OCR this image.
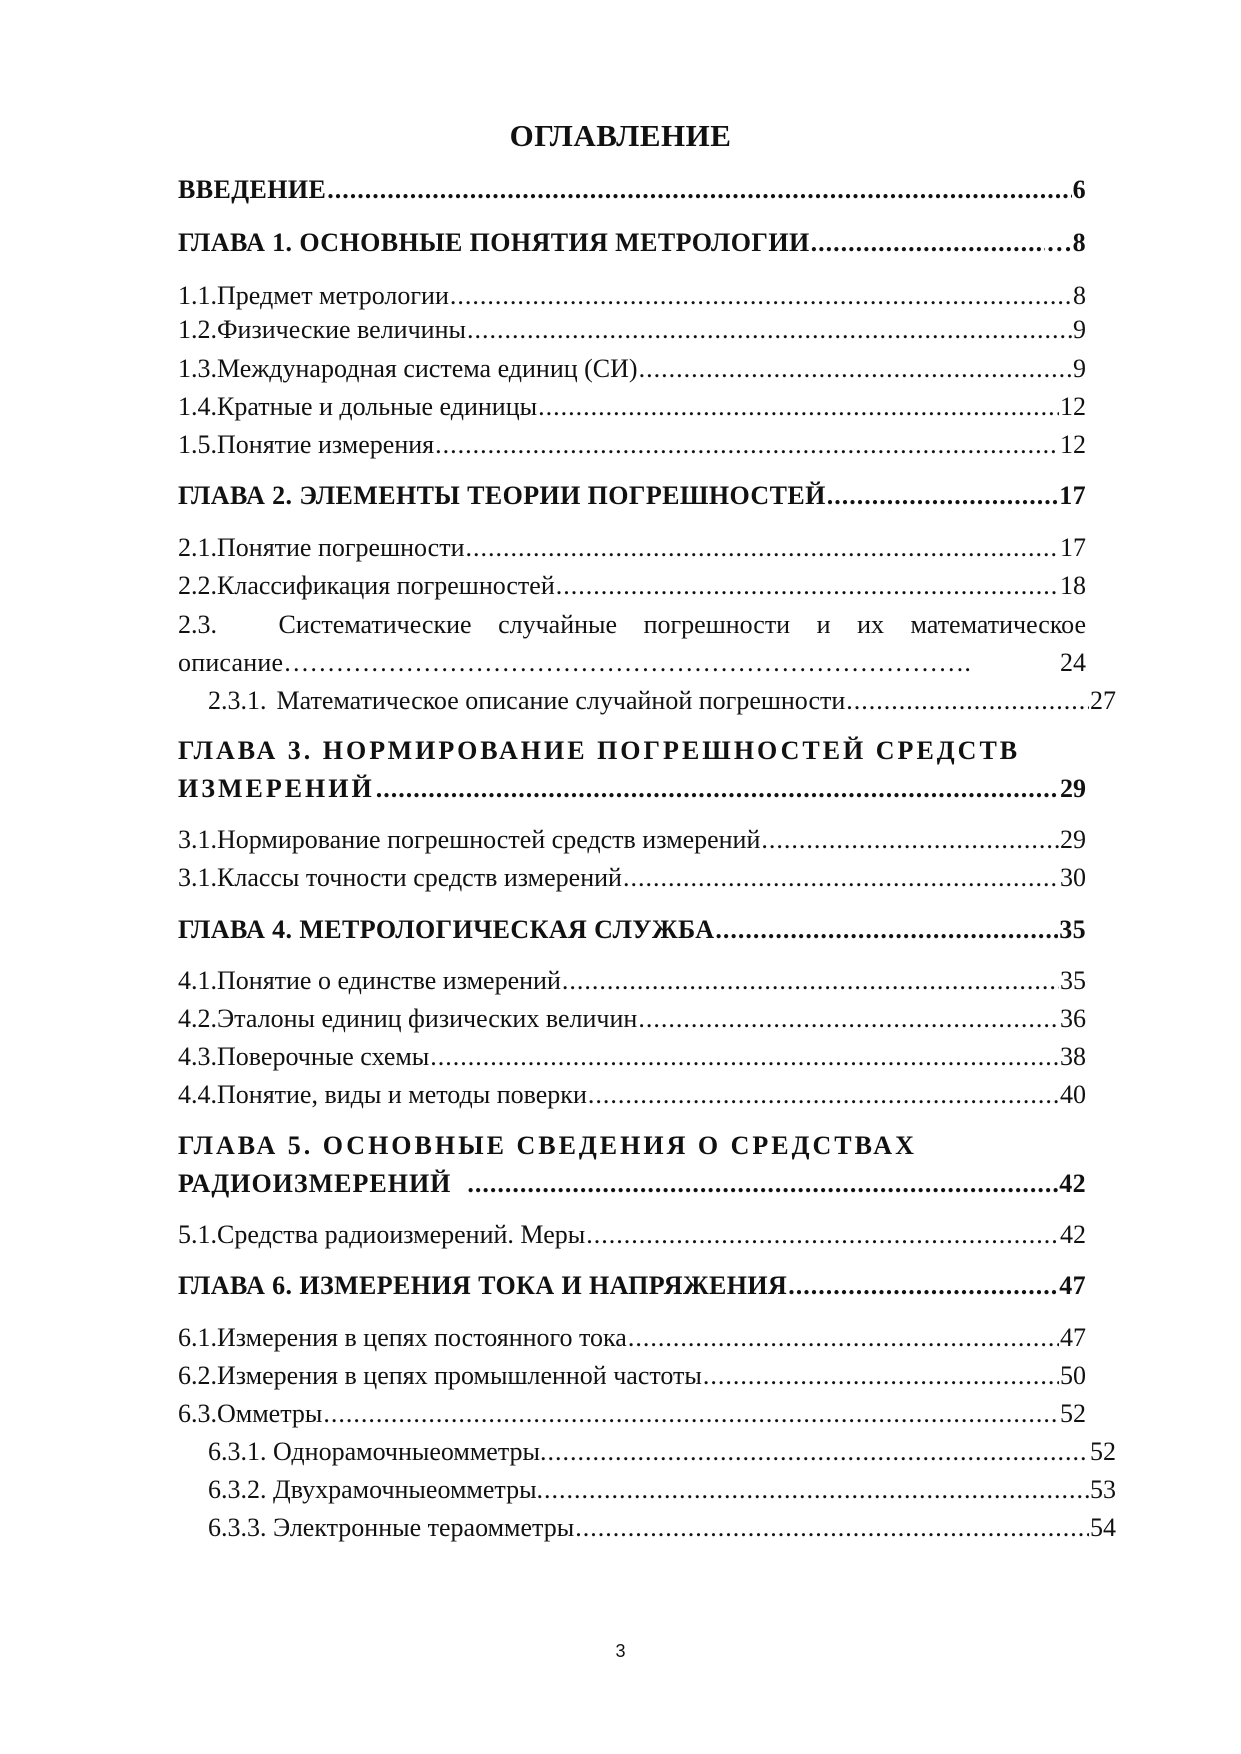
ОГЛАВЛЕНИЕ
ВВЕДЕНИЕ .....	6
ГЛАВА 1. ОСНОВНЫЕ ПОНЯТИЯ МЕТРОЛОГИИ .....	…8
1.1. Предмет метрологии .....	8
1.2. Физические величины .....	9
1.3. Международная система единиц (СИ) .....	9
1.4. Кратные и дольные единицы .....	12
1.5. Понятие измерения .....	12
ГЛАВА 2. ЭЛЕМЕНТЫ ТЕОРИИ ПОГРЕШНОСТЕЙ .....	17
2.1. Понятие погрешности .....	17
2.2. Классификация погрешностей .....	18
2.3.	Систематические случайные погрешности и их математическое
описание…………………………………………………………………….	24
2.3.1. Математическое описание случайной погрешности .....	27
ГЛАВА 3. НОРМИРОВАНИЕ ПОГРЕШНОСТЕЙ СРЕДСТВ
ИЗМЕРЕНИЙ .....	29
3.1. Нормирование погрешностей средств измерений .....	29
3.1. Классы точности средств измерений .....	30
ГЛАВА 4. МЕТРОЛОГИЧЕСКАЯ СЛУЖБА .....	35
4.1. Понятие о единстве измерений .....	35
4.2. Эталоны единиц физических величин .....	36
4.3. Поверочные схемы .....	38
4.4. Понятие, виды и методы поверки .....	40
ГЛАВА 5. ОСНОВНЫЕ СВЕДЕНИЯ О СРЕДСТВАХ
РАДИОИЗМЕРЕНИЙ .....	42
5.1. Средства радиоизмерений. Меры .....	42
ГЛАВА 6. ИЗМЕРЕНИЯ ТОКА И НАПРЯЖЕНИЯ .....	47
6.1. Измерения в цепях постоянного тока .....	47
6.2. Измерения в цепях промышленной частоты .....	50
6.3. Омметры .....	52
6.3.1. Однорамочныеомметры. .....	52
6.3.2. Двухрамочныеомметры. .....	53
6.3.3. Электронные тераомметры .....	54
3
